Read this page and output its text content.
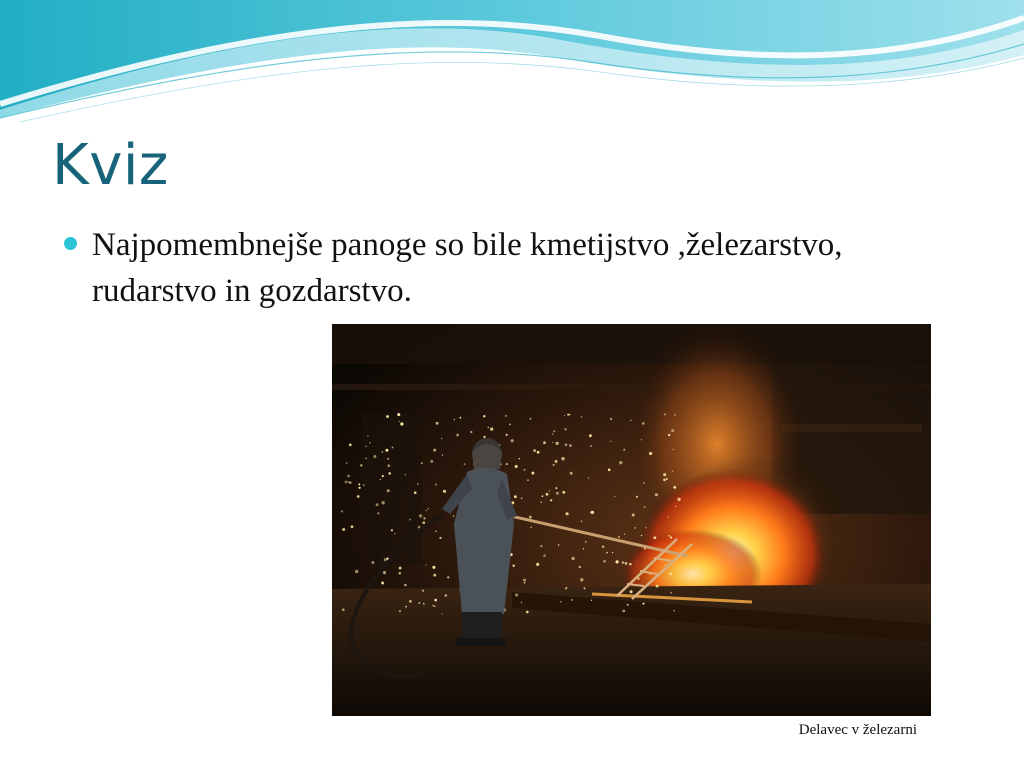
Kviz

Najpomembnejše panoge so bile kmetijstvo ,železarstvo, rudarstvo in gozdarstvo.

Delavec v železarni
